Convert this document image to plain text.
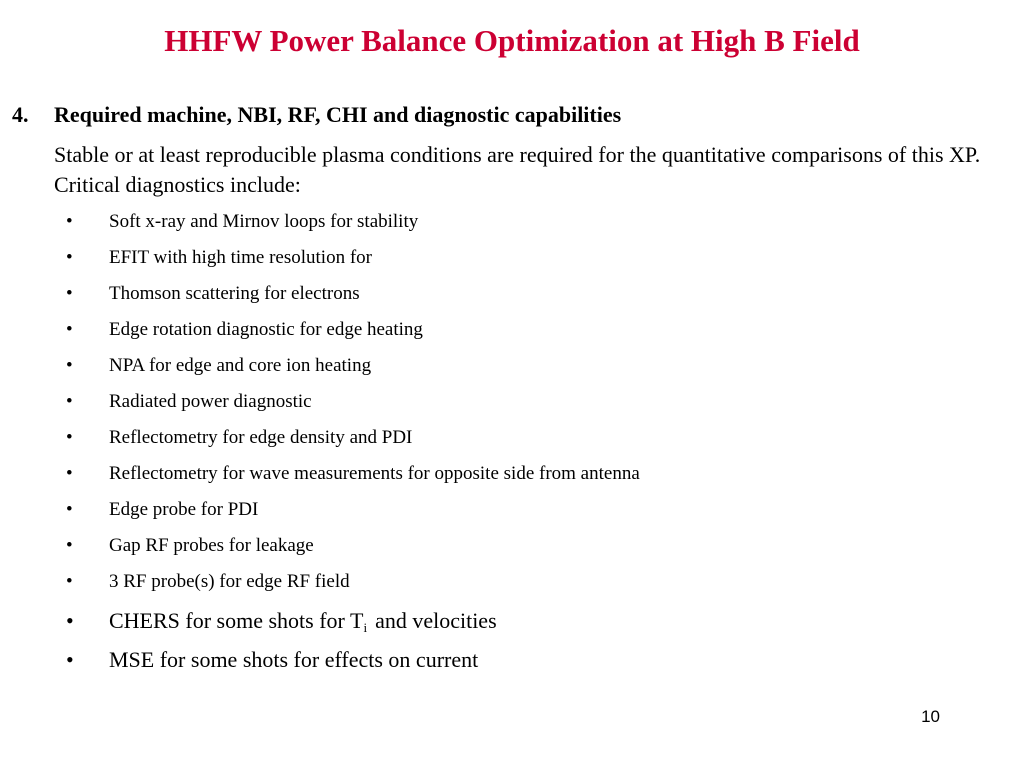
HHFW Power Balance Optimization at High B Field
4. Required machine, NBI, RF, CHI and diagnostic capabilities

Stable or at least reproducible plasma conditions are required for the quantitative comparisons of this XP. Critical diagnostics include:

• Soft x-ray and Mirnov loops for stability
• EFIT with high time resolution for
• Thomson scattering for electrons
• Edge rotation diagnostic for edge heating
• NPA for edge and core ion heating
• Radiated power diagnostic
• Reflectometry for edge density and PDI
• Reflectometry for wave measurements for opposite side from antenna
• Edge probe for PDI
• Gap RF probes for leakage
• 3 RF probe(s) for edge RF field
• CHERS for some shots for $T_i$ and velocities
• MSE for some shots for effects on current
10
